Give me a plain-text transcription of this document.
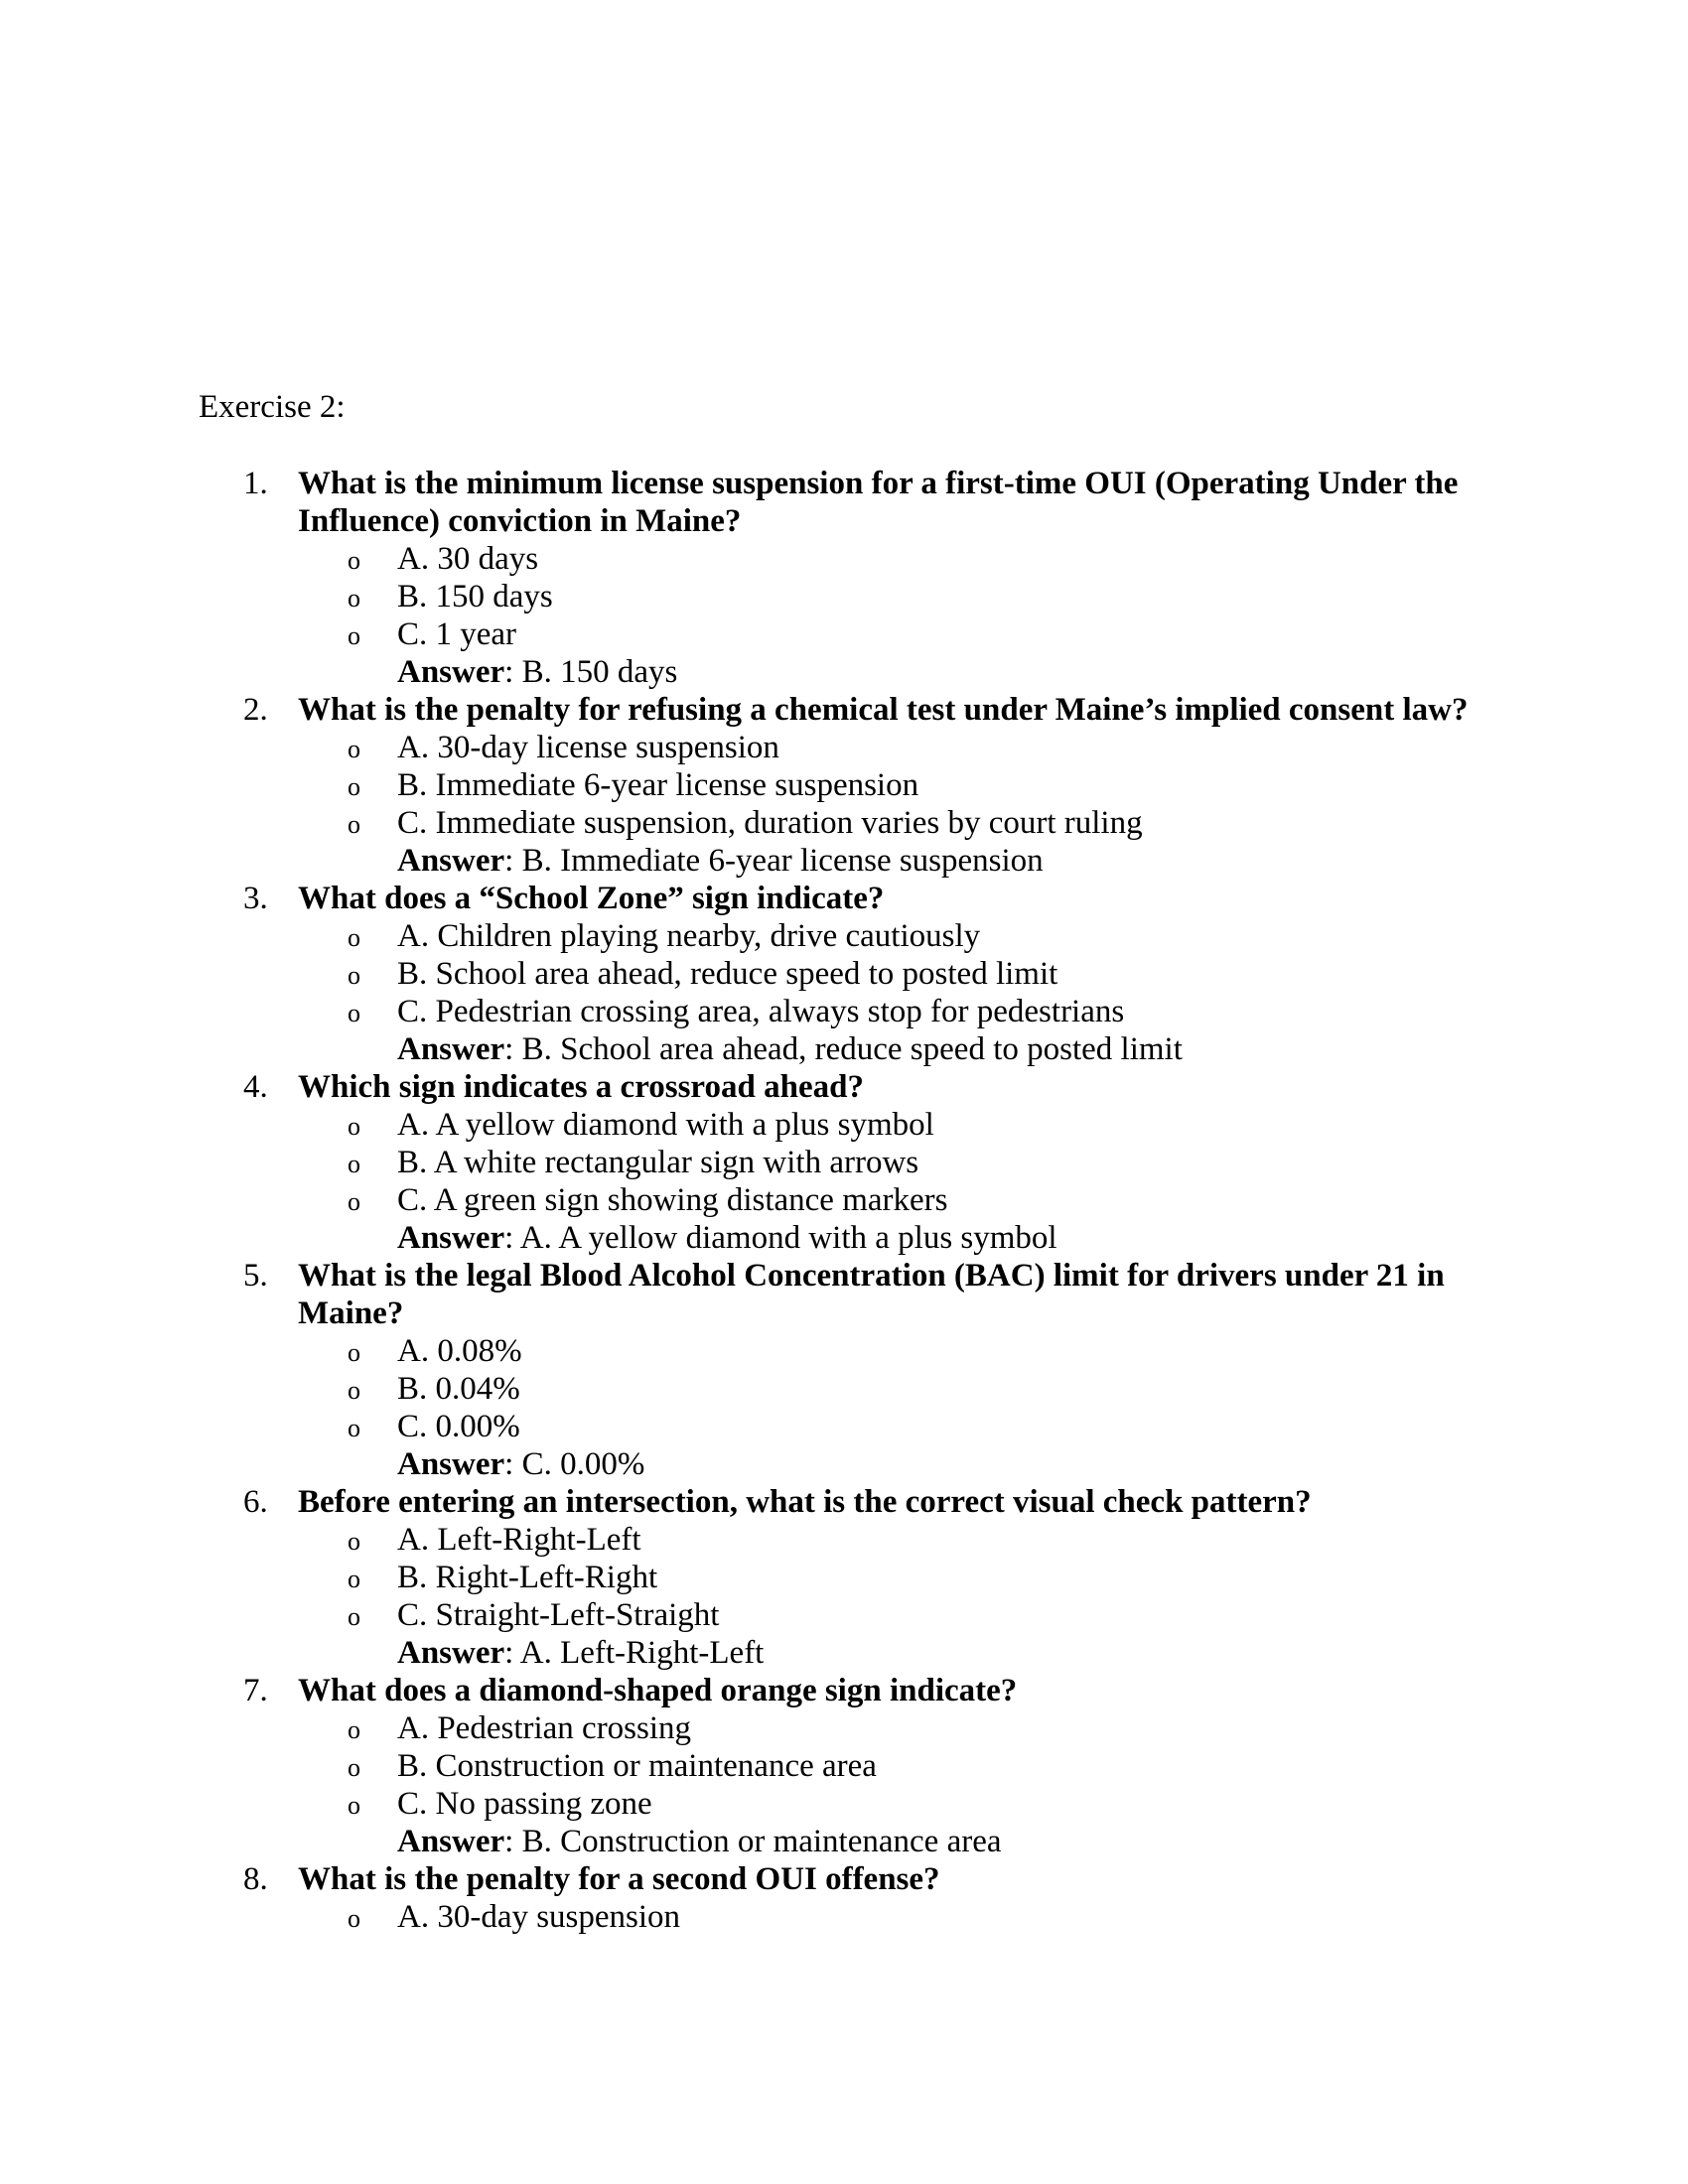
Exercise 2:
1. What is the minimum license suspension for a first-time OUI (Operating Under the Influence) conviction in Maine?
o A. 30 days
o B. 150 days
o C. 1 year
Answer: B. 150 days
2. What is the penalty for refusing a chemical test under Maine’s implied consent law?
o A. 30-day license suspension
o B. Immediate 6-year license suspension
o C. Immediate suspension, duration varies by court ruling
Answer: B. Immediate 6-year license suspension
3. What does a “School Zone” sign indicate?
o A. Children playing nearby, drive cautiously
o B. School area ahead, reduce speed to posted limit
o C. Pedestrian crossing area, always stop for pedestrians
Answer: B. School area ahead, reduce speed to posted limit
4. Which sign indicates a crossroad ahead?
o A. A yellow diamond with a plus symbol
o B. A white rectangular sign with arrows
o C. A green sign showing distance markers
Answer: A. A yellow diamond with a plus symbol
5. What is the legal Blood Alcohol Concentration (BAC) limit for drivers under 21 in Maine?
o A. 0.08%
o B. 0.04%
o C. 0.00%
Answer: C. 0.00%
6. Before entering an intersection, what is the correct visual check pattern?
o A. Left-Right-Left
o B. Right-Left-Right
o C. Straight-Left-Straight
Answer: A. Left-Right-Left
7. What does a diamond-shaped orange sign indicate?
o A. Pedestrian crossing
o B. Construction or maintenance area
o C. No passing zone
Answer: B. Construction or maintenance area
8. What is the penalty for a second OUI offense?
o A. 30-day suspension
